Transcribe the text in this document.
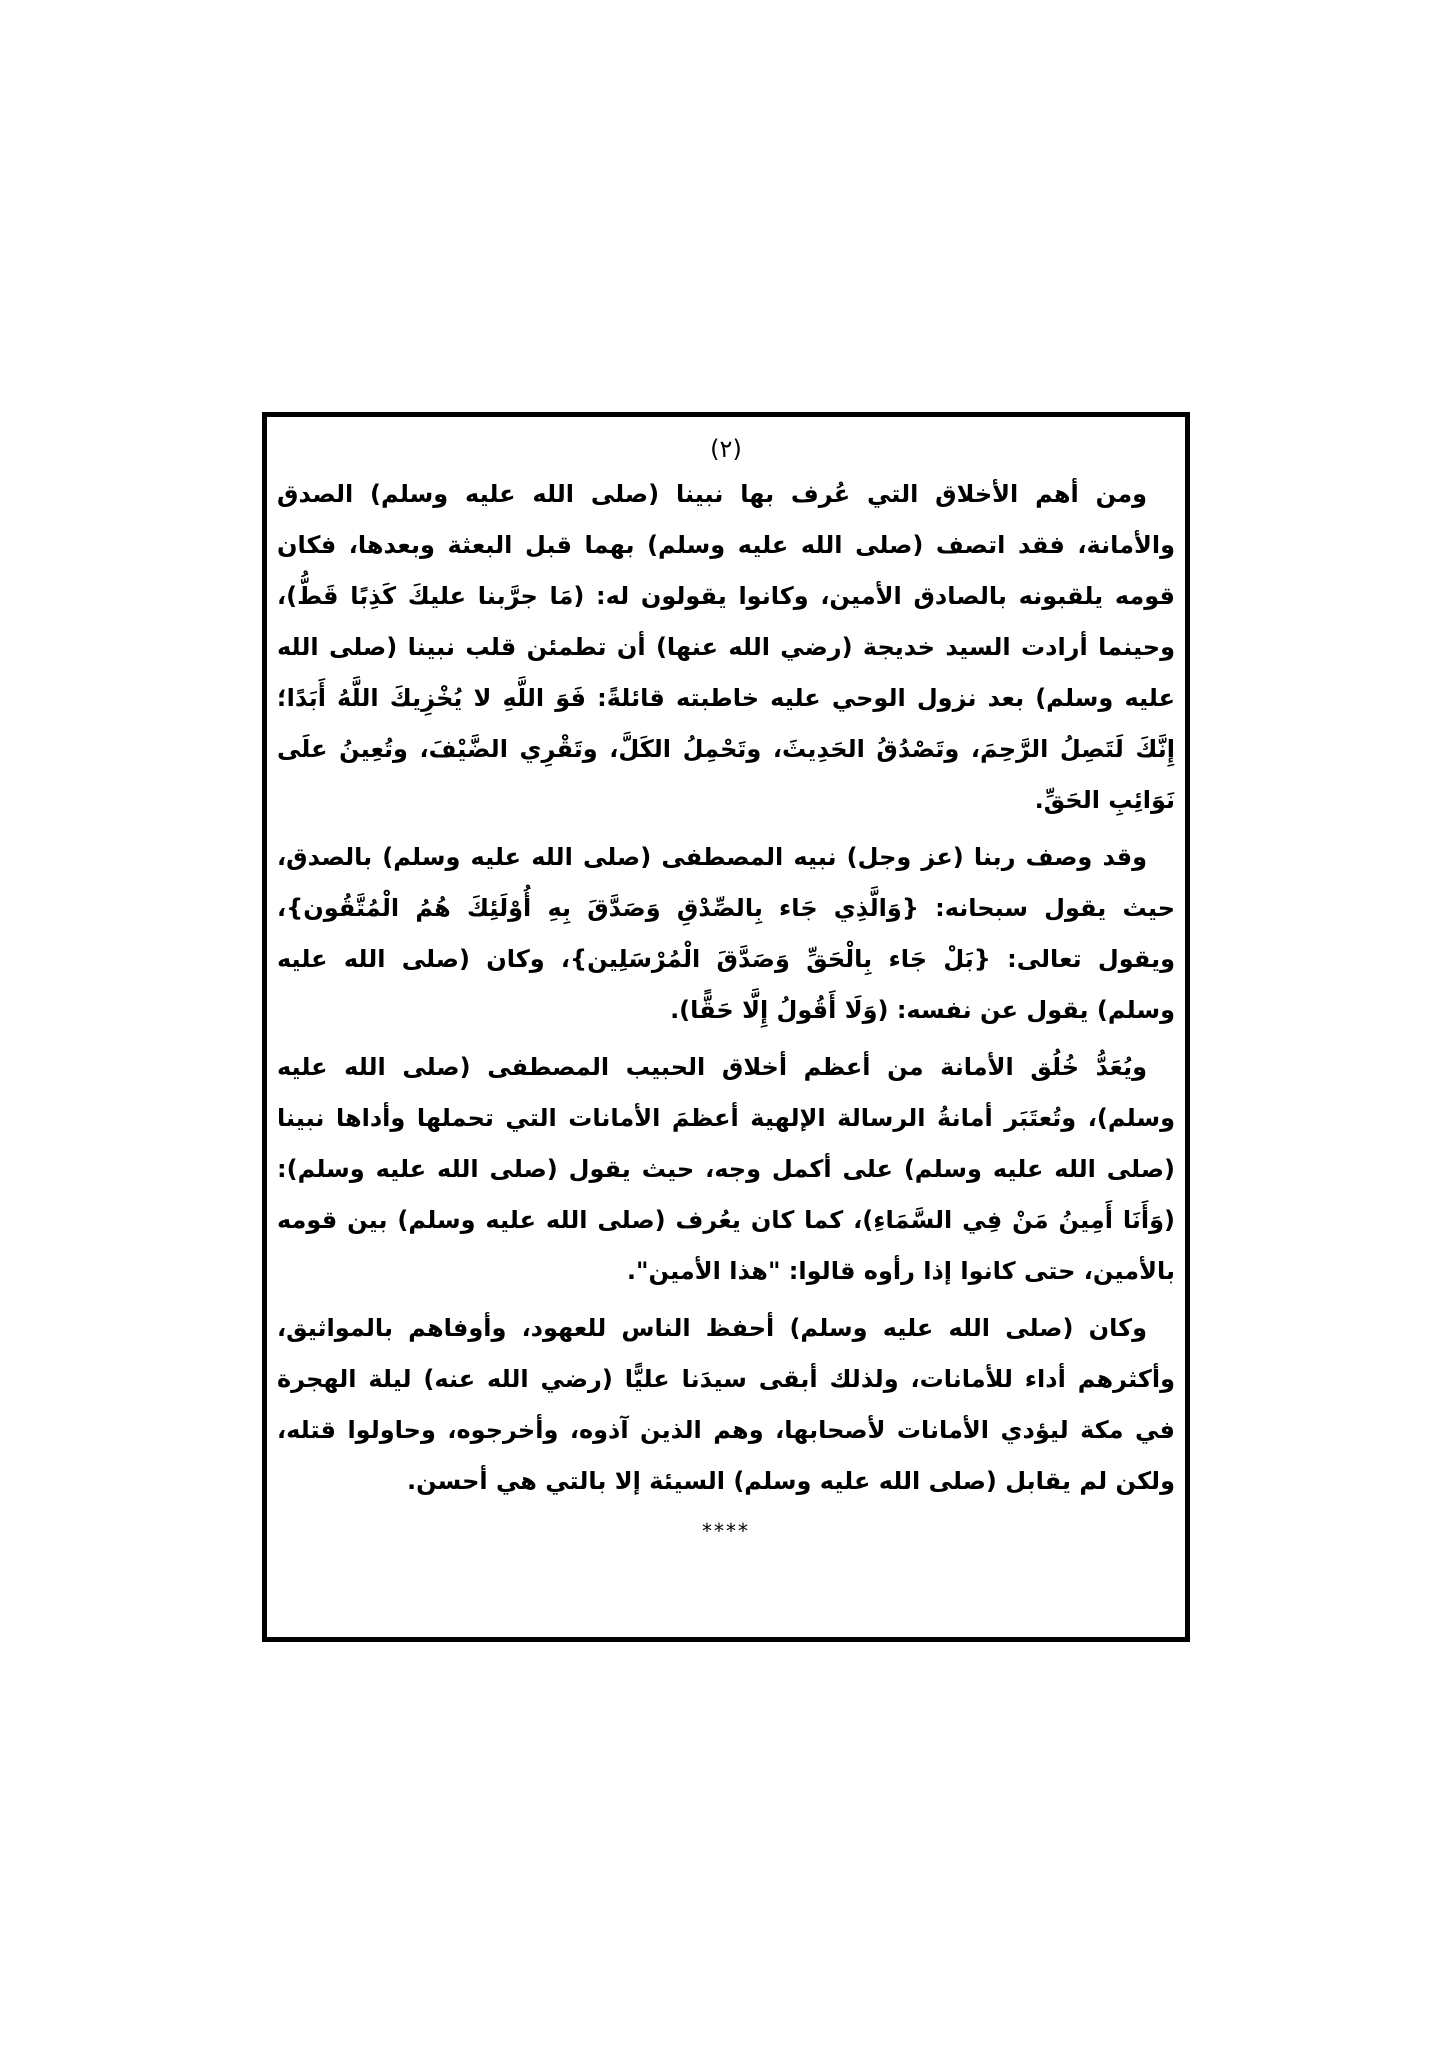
(٢)

ومن أهم الأخلاق التي عُرف بها نبينا (صلى الله عليه وسلم) الصدق والأمانة، فقد اتصف (صلى الله عليه وسلم) بهما قبل البعثة وبعدها، فكان قومه يلقبونه بالصادق الأمين، وكانوا يقولون له: (مَا جرَّبنا عليكَ كَذِبًا قَطُّ)، وحينما أرادت السيد خديجة (رضي الله عنها) أن تطمئن قلب نبينا (صلى الله عليه وسلم) بعد نزول الوحي عليه خاطبته قائلةً: فَوَ اللَّهِ لا يُخْزِيكَ اللَّهُ أَبَدًا؛ إِنَّكَ لَتَصِلُ الرَّحِمَ، وتَصْدُقُ الحَدِيثَ، وتَحْمِلُ الكَلَّ، وتَقْرِي الضَّيْفَ، وتُعِينُ علَى نَوَائِبِ الحَقِّ.

وقد وصف ربنا (عز وجل) نبيه المصطفى (صلى الله عليه وسلم) بالصدق، حيث يقول سبحانه: {وَالَّذِي جَاء بِالصِّدْقِ وَصَدَّقَ بِهِ أُوْلَئِكَ هُمُ الْمُتَّقُون}، ويقول تعالى: {بَلْ جَاء بِالْحَقِّ وَصَدَّقَ الْمُرْسَلِين}، وكان (صلى الله عليه وسلم) يقول عن نفسه: (وَلَا أَقُولُ إِلَّا حَقًّا).

ويُعَدُّ خُلُق الأمانة من أعظم أخلاق الحبيب المصطفى (صلى الله عليه وسلم)، وتُعتَبَر أمانةُ الرسالة الإلهية أعظمَ الأمانات التي تحملها وأداها نبينا (صلى الله عليه وسلم) على أكمل وجه، حيث يقول (صلى الله عليه وسلم): (وَأَنَا أَمِينُ مَنْ فِي السَّمَاءِ)، كما كان يعُرف (صلى الله عليه وسلم) بين قومه بالأمين، حتى كانوا إذا رأوه قالوا: "هذا الأمين".

وكان (صلى الله عليه وسلم) أحفظ الناس للعهود، وأوفاهم بالمواثيق، وأكثرهم أداء للأمانات، ولذلك أبقى سيدَنا عليًّا (رضي الله عنه) ليلة الهجرة في مكة ليؤدي الأمانات لأصحابها، وهم الذين آذوه، وأخرجوه، وحاولوا قتله، ولكن لم يقابل (صلى الله عليه وسلم) السيئة إلا بالتي هي أحسن.

****
